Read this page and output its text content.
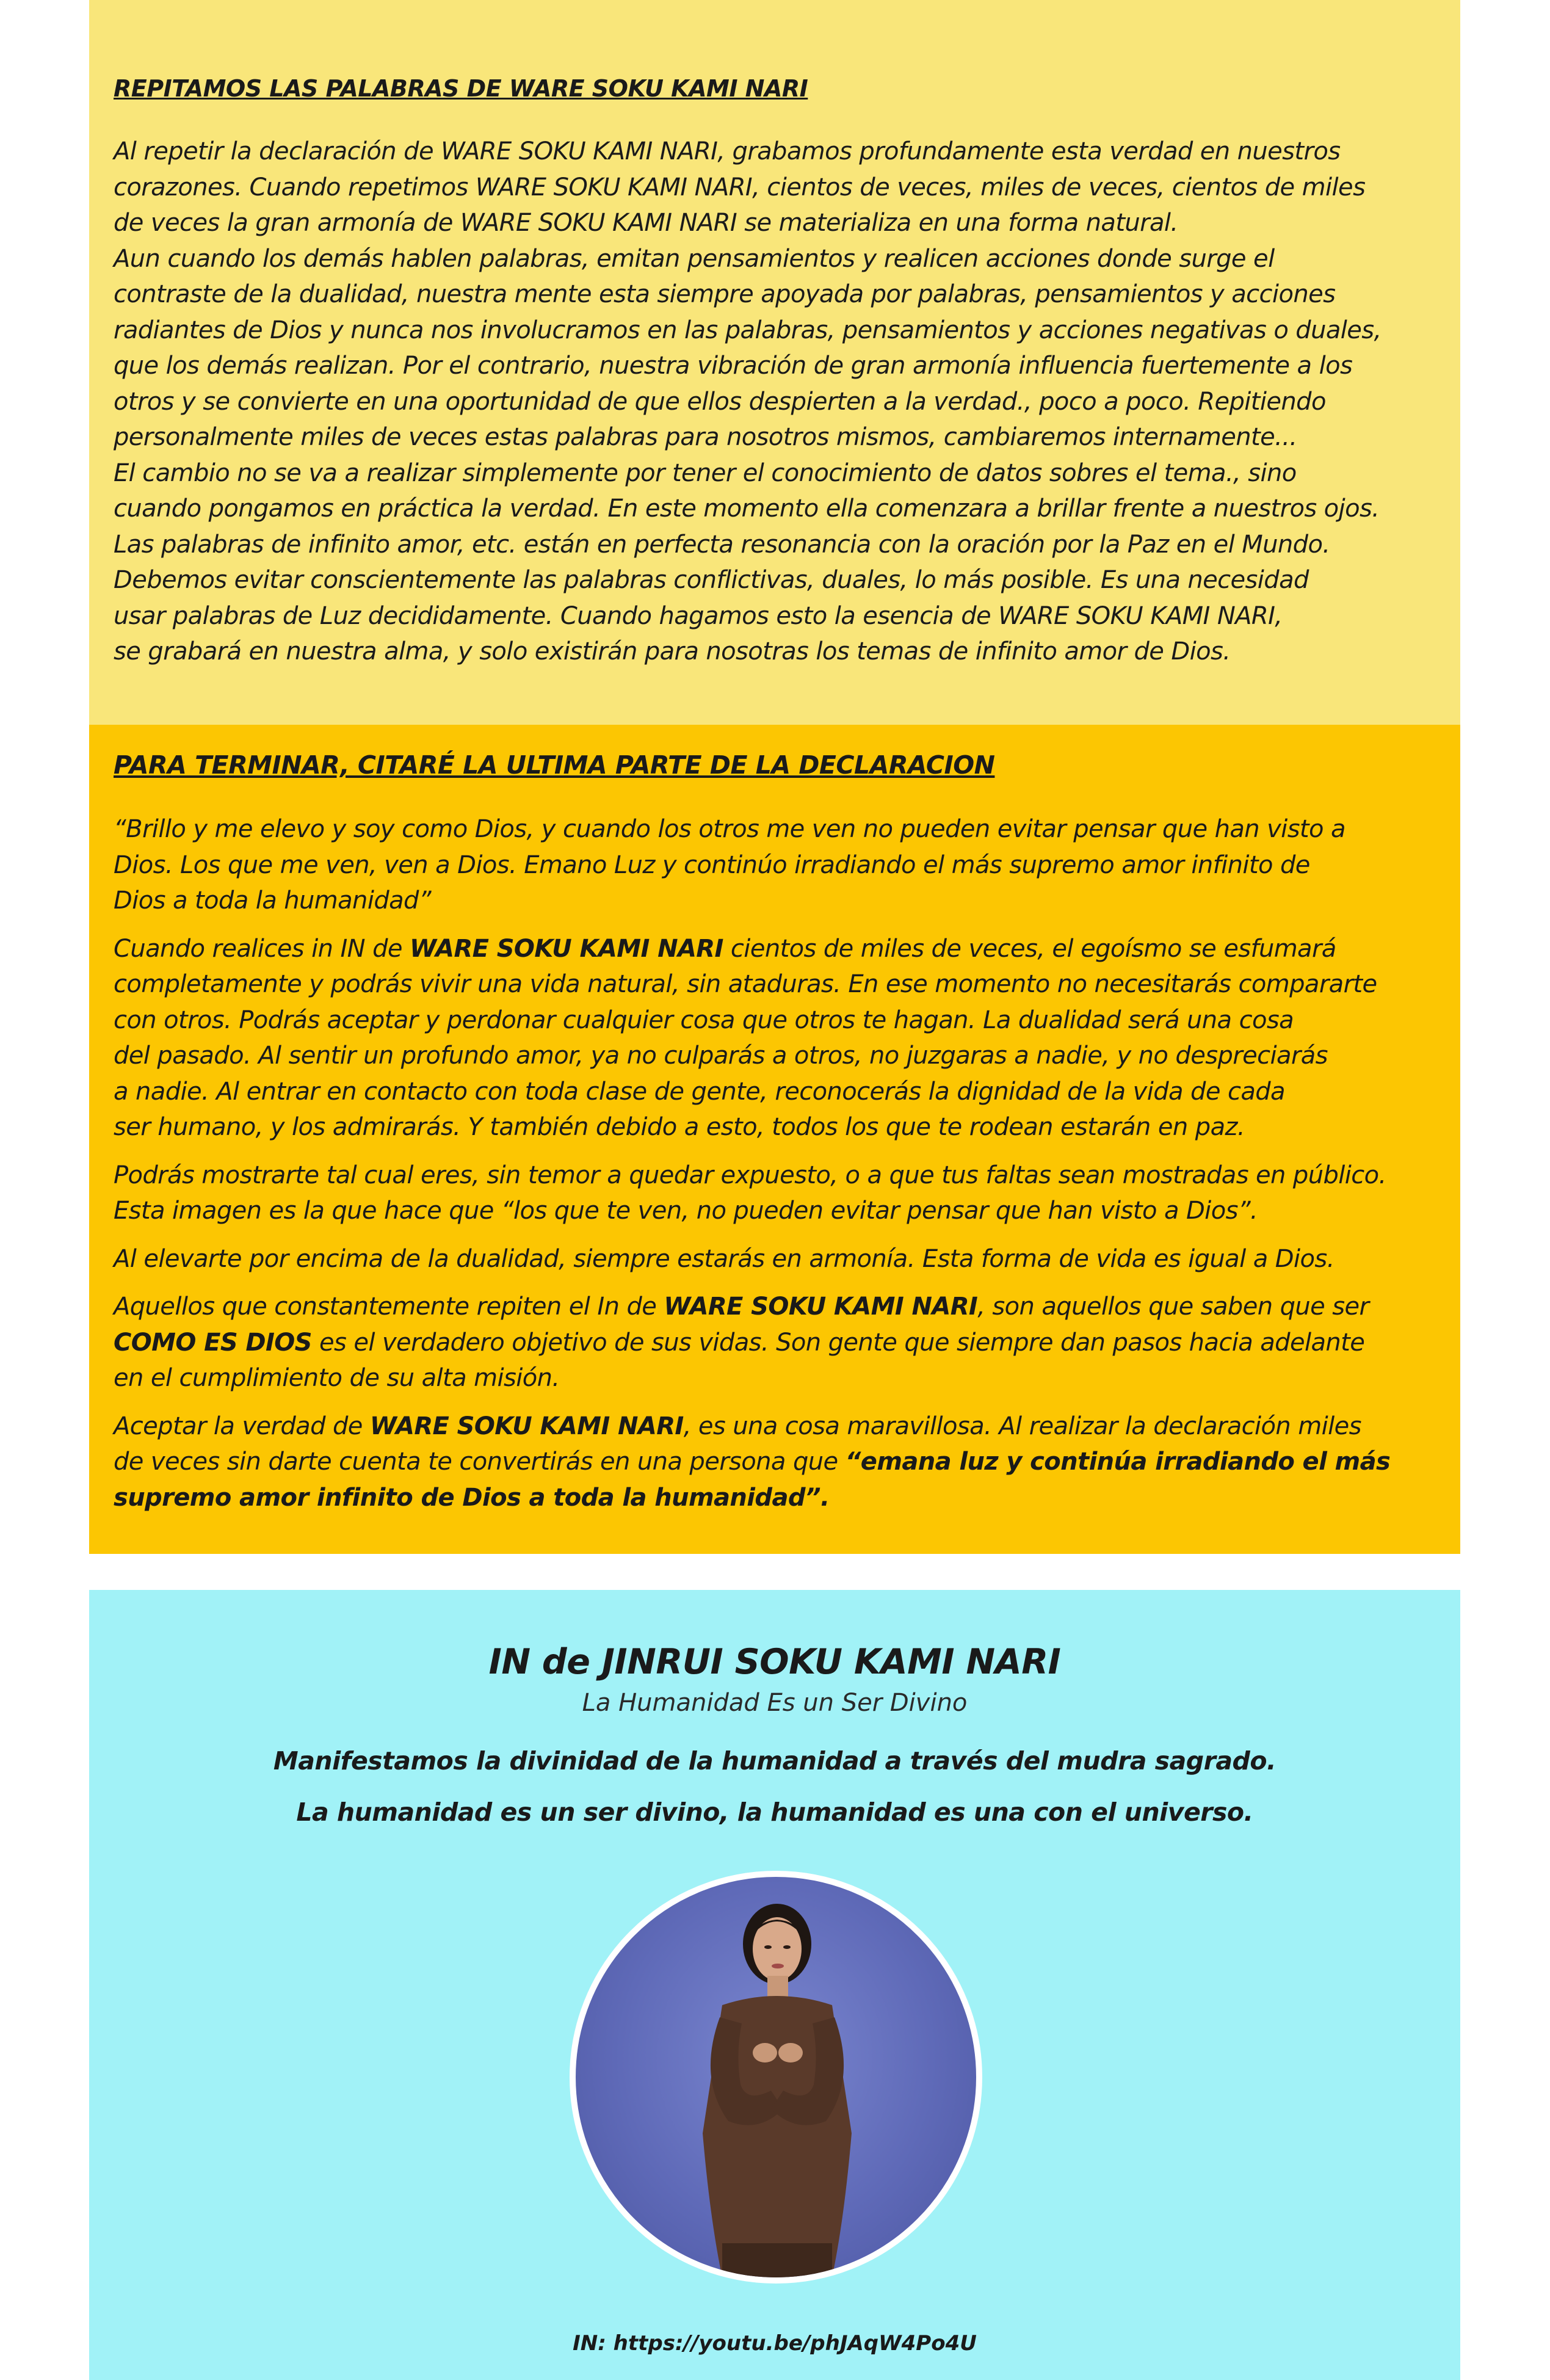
REPITAMOS LAS PALABRAS DE WARE SOKU KAMI NARI

Al repetir la declaración de WARE SOKU KAMI NARI, grabamos profundamente esta verdad en nuestros

corazones. Cuando repetimos WARE SOKU KAMI NARI, cientos de veces, miles de veces, cientos de miles

de veces la gran armonía de WARE SOKU KAMI NARI se materializa en una forma natural.

Aun cuando los demás hablen palabras, emitan pensamientos y realicen acciones donde surge el

contraste de la dualidad, nuestra mente esta siempre apoyada por palabras, pensamientos y acciones

radiantes de Dios y nunca nos involucramos en las palabras, pensamientos y acciones negativas o duales,

que los demás realizan. Por el contrario, nuestra vibración de gran armonía influencia fuertemente a los

otros y se convierte en una oportunidad de que ellos despierten a la verdad., poco a poco. Repitiendo

personalmente miles de veces estas palabras para nosotros mismos, cambiaremos internamente...

El cambio no se va a realizar simplemente por tener el conocimiento de datos sobres el tema., sino

cuando pongamos en práctica la verdad. En este momento ella comenzara a brillar frente a nuestros ojos.

Las palabras de infinito amor, etc. están en perfecta resonancia con la oración por la Paz en el Mundo.

Debemos evitar conscientemente las palabras conflictivas, duales, lo más posible. Es una necesidad

usar palabras de Luz decididamente. Cuando hagamos esto la esencia de WARE SOKU KAMI NARI,

se grabará en nuestra alma, y solo existirán para nosotras los temas de infinito amor de Dios.

PARA TERMINAR, CITARÉ LA ULTIMA PARTE DE LA DECLARACION

“Brillo y me elevo y soy como Dios, y cuando los otros me ven no pueden evitar pensar que han visto a
Dios. Los que me ven, ven a Dios. Emano Luz y continúo irradiando el más supremo amor infinito de
Dios a toda la humanidad”

Cuando realices in IN de WARE SOKU KAMI NARI cientos de miles de veces, el egoísmo se esfumará
completamente y podrás vivir una vida natural, sin ataduras. En ese momento no necesitarás compararte
con otros. Podrás aceptar y perdonar cualquier cosa que otros te hagan. La dualidad será una cosa
del pasado. Al sentir un profundo amor, ya no culparás a otros, no juzgaras a nadie, y no despreciarás
a nadie. Al entrar en contacto con toda clase de gente, reconocerás la dignidad de la vida de cada
ser humano, y los admirarás. Y también debido a esto, todos los que te rodean estarán en paz.

Podrás mostrarte tal cual eres, sin temor a quedar expuesto, o a que tus faltas sean mostradas en público.
Esta imagen es la que hace que “los que te ven, no pueden evitar pensar que han visto a Dios”.

Al elevarte por encima de la dualidad, siempre estarás en armonía. Esta forma de vida es igual a Dios.

Aquellos que constantemente repiten el In de WARE SOKU KAMI NARI, son aquellos que saben que ser
COMO ES DIOS es el verdadero objetivo de sus vidas. Son gente que siempre dan pasos hacia adelante
en el cumplimiento de su alta misión.

Aceptar la verdad de WARE SOKU KAMI NARI, es una cosa maravillosa. Al realizar la declaración miles
de veces sin darte cuenta te convertirás en una persona que “emana luz y continúa irradiando el más
supremo amor infinito de Dios a toda la humanidad”.

IN de JINRUI SOKU KAMI NARI

La Humanidad Es un Ser Divino

Manifestamos la divinidad de la humanidad a través del mudra sagrado.

La humanidad es un ser divino, la humanidad es una con el universo.

IN: https://youtu.be/phJAqW4Po4U
